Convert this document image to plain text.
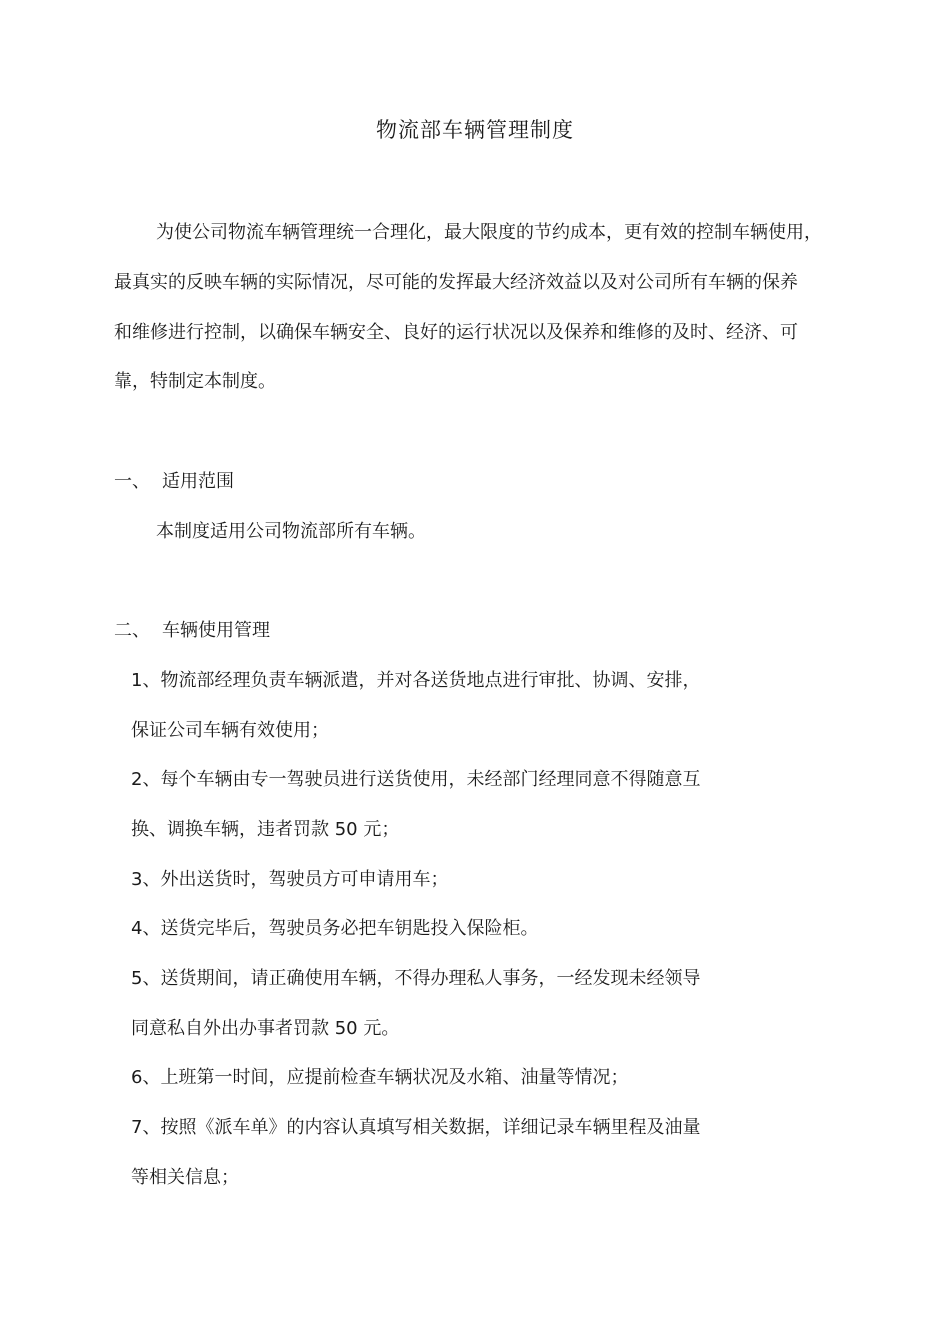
物流部车辆管理制度
为使公司物流车辆管理统一合理化，最大限度的节约成本，更有效的控制车辆使用，
最真实的反映车辆的实际情况，尽可能的发挥最大经济效益以及对公司所有车辆的保养
和维修进行控制，以确保车辆安全、良好的运行状况以及保养和维修的及时、经济、可
靠，特制定本制度。
一、 适用范围
本制度适用公司物流部所有车辆。
二、 车辆使用管理
1、物流部经理负责车辆派遣，并对各送货地点进行审批、协调、安排，
保证公司车辆有效使用；
2、每个车辆由专一驾驶员进行送货使用，未经部门经理同意不得随意互
换、调换车辆，违者罚款 50 元；
3、外出送货时，驾驶员方可申请用车；
4、送货完毕后，驾驶员务必把车钥匙投入保险柜。
5、送货期间，请正确使用车辆，不得办理私人事务，一经发现未经领导
同意私自外出办事者罚款 50 元。
6、上班第一时间，应提前检查车辆状况及水箱、油量等情况；
7、按照《派车单》的内容认真填写相关数据，详细记录车辆里程及油量
等相关信息；
